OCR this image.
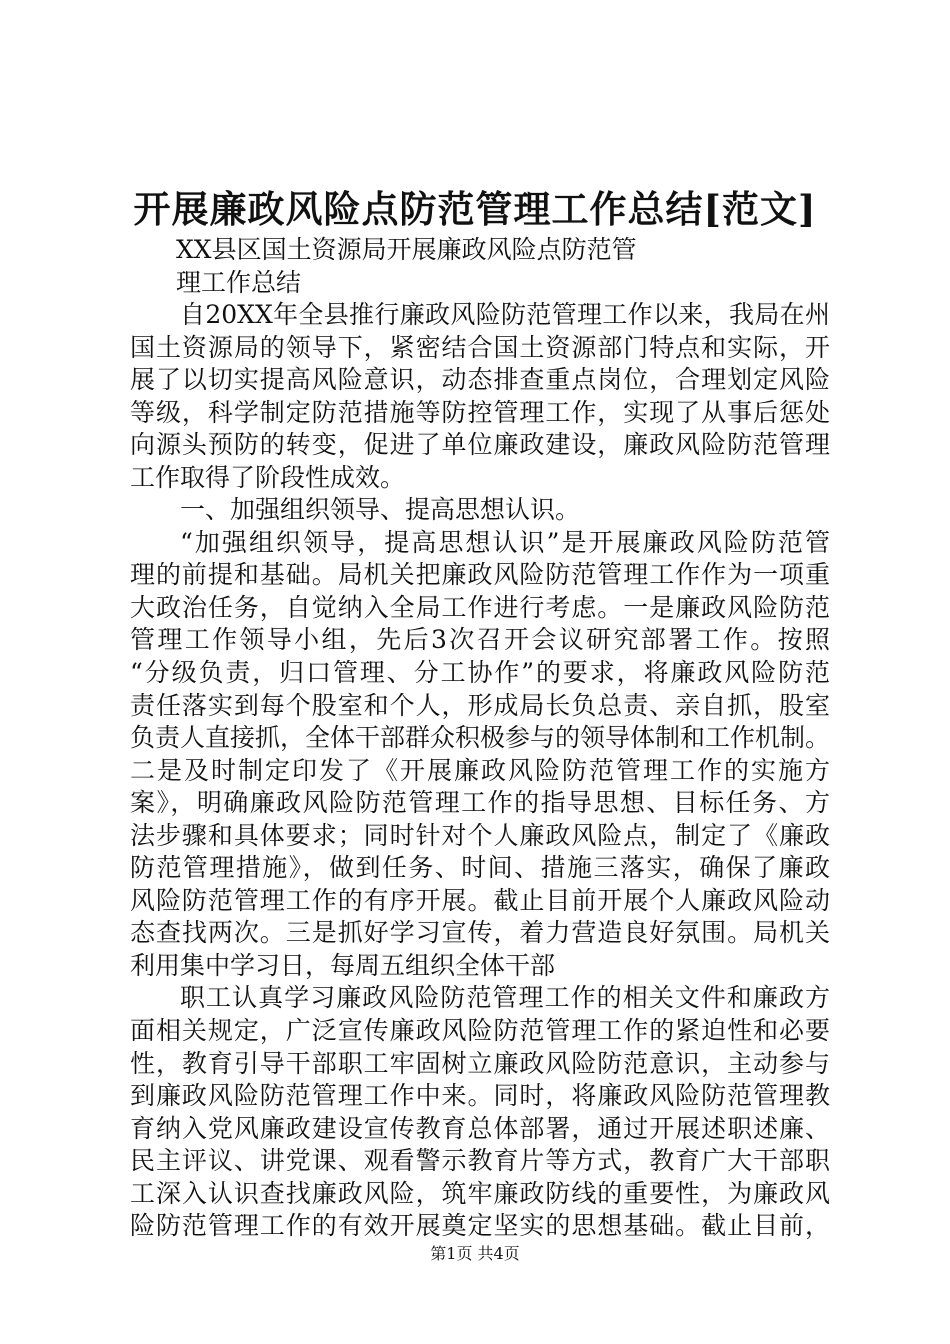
开展廉政风险点防范管理工作总结[范文]
XX县区国土资源局开展廉政风险点防范管
理工作总结
自20XX年全县推行廉政风险防范管理工作以来，我局在州
国土资源局的领导下，紧密结合国土资源部门特点和实际，开
展了以切实提高风险意识，动态排查重点岗位，合理划定风险
等级，科学制定防范措施等防控管理工作，实现了从事后惩处
向源头预防的转变，促进了单位廉政建设，廉政风险防范管理
工作取得了阶段性成效。
一、加强组织领导、提高思想认识。
“加强组织领导，提高思想认识”是开展廉政风险防范管
理的前提和基础。局机关把廉政风险防范管理工作作为一项重
大政治任务，自觉纳入全局工作进行考虑。一是廉政风险防范
管理工作领导小组，先后3次召开会议研究部署工作。按照
“分级负责，归口管理、分工协作”的要求，将廉政风险防范
责任落实到每个股室和个人，形成局长负总责、亲自抓，股室
负责人直接抓，全体干部群众积极参与的领导体制和工作机制。
二是及时制定印发了《开展廉政风险防范管理工作的实施方
案》，明确廉政风险防范管理工作的指导思想、目标任务、方
法步骤和具体要求；同时针对个人廉政风险点，制定了《廉政
防范管理措施》，做到任务、时间、措施三落实，确保了廉政
风险防范管理工作的有序开展。截止目前开展个人廉政风险动
态查找两次。三是抓好学习宣传，着力营造良好氛围。局机关
利用集中学习日，每周五组织全体干部
职工认真学习廉政风险防范管理工作的相关文件和廉政方
面相关规定，广泛宣传廉政风险防范管理工作的紧迫性和必要
性，教育引导干部职工牢固树立廉政风险防范意识，主动参与
到廉政风险防范管理工作中来。同时，将廉政风险防范管理教
育纳入党风廉政建设宣传教育总体部署，通过开展述职述廉、
民主评议、讲党课、观看警示教育片等方式，教育广大干部职
工深入认识查找廉政风险，筑牢廉政防线的重要性，为廉政风
险防范管理工作的有效开展奠定坚实的思想基础。截止目前，
第1页 共4页
